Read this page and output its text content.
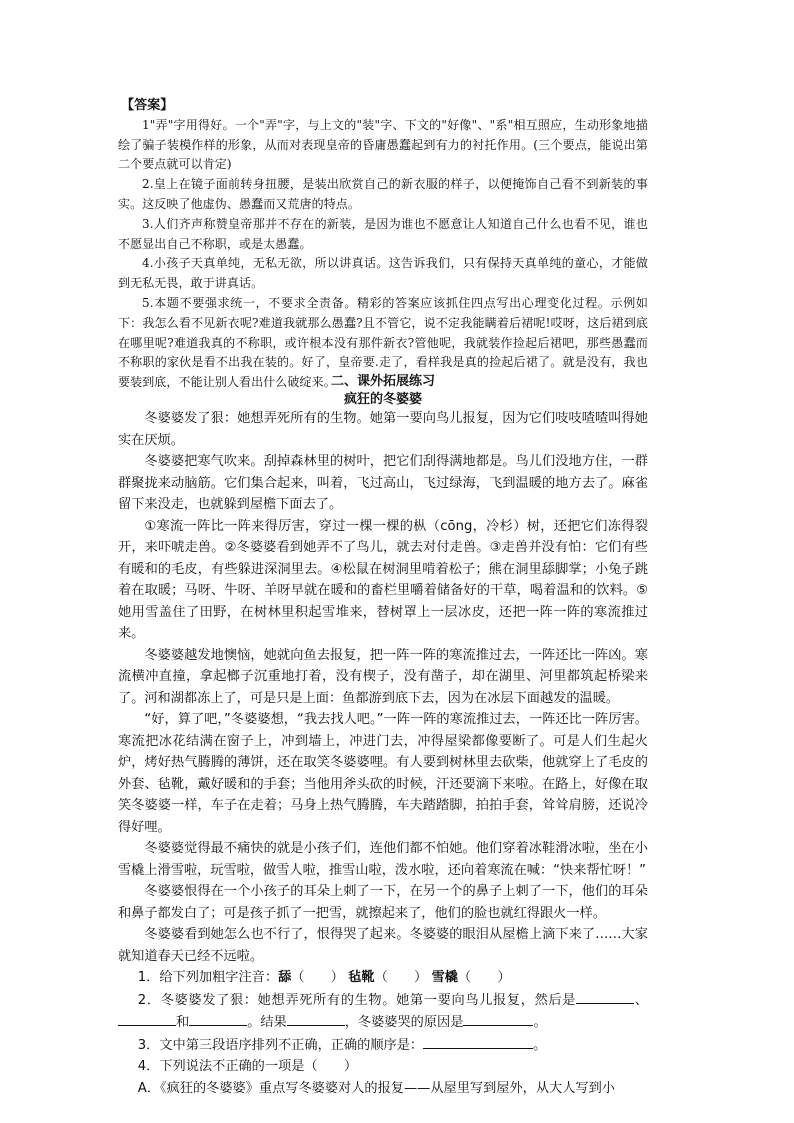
【答案】

1"弄"字用得好。一个"弄"字，与上文的"装"字、下文的"好像"、"系"相互照应，生动形象地描绘了骗子装模作样的形象，从而对表现皇帝的昏庸愚蠢起到有力的衬托作用。(三个要点，能说出第二个要点就可以肯定)

2.皇上在镜子面前转身扭腰，是装出欣赏自己的新衣服的样子，以便掩饰自己看不到新装的事实。这反映了他虚伪、愚蠢而又荒唐的特点。

3.人们齐声称赞皇帝那并不存在的新装，是因为谁也不愿意让人知道自己什么也看不见，谁也不愿显出自己不称职，或是太愚蠢。

4.小孩子天真单纯，无私无欲，所以讲真话。这告诉我们，只有保持天真单纯的童心，才能做到无私无畏，敢于讲真话。

5.本题不要强求统一，不要求全责备。精彩的答案应该抓住四点写出心理变化过程。示例如下：我怎么看不见新衣呢?难道我就那么愚蠢?且不管它，说不定我能瞒着后裙呢!哎呀，这后裙到底在哪里呢?难道我真的不称职，或许根本没有那件新衣?管他呢，我就装作捡起后裙吧，那些愚蠢而不称职的家伙是看不出我在装的。好了，皇帝要.走了，看样我是真的捡起后裙了。就是没有，我也要装到底，不能让别人看出什么破绽来。

二、课外拓展练习
疯狂的冬婆婆

冬婆婆发了狠：她想弄死所有的生物。她第一要向鸟儿报复，因为它们吱吱喳喳叫得她实在厌烦。

冬婆婆把寒气吹来。刮掉森林里的树叶，把它们刮得满地都是。鸟儿们没地方住，一群群聚拢来动脑筋。它们集合起来，叫着，飞过高山，飞过绿海，飞到温暖的地方去了。麻雀留下来没走，也就躲到屋檐下面去了。

①寒流一阵比一阵来得厉害，穿过一棵一棵的枞（cōng，冷杉）树，还把它们冻得裂开，来吓唬走兽。②冬婆婆看到她弄不了鸟儿，就去对付走兽。③走兽并没有怕：它们有些有暖和的毛皮，有些躲进深洞里去。④松鼠在树洞里啃着松子；熊在洞里舔脚掌；小兔子跳着在取暖；马呀、牛呀、羊呀早就在暖和的畜栏里嚼着储备好的干草，喝着温和的饮料。⑤她用雪盖住了田野，在树林里积起雪堆来，替树罩上一层冰皮，还把一阵一阵的寒流推过来。

冬婆婆越发地懊恼，她就向鱼去报复，把一阵一阵的寒流推过去，一阵还比一阵凶。寒流横冲直撞，拿起榔子沉重地打着，没有楔子，没有凿子，却在湖里、河里都筑起桥梁来了。河和湖都冻上了，可是只是上面：鱼都游到底下去，因为在冰层下面越发的温暖。

“好，算了吧，”冬婆婆想，“我去找人吧。”一阵一阵的寒流推过去，一阵还比一阵厉害。寒流把冰花结满在窗子上，冲到墙上，冲进门去，冲得屋梁都像要断了。可是人们生起火炉，烤好热气腾腾的薄饼，还在取笑冬婆婆哩。有人要到树林里去砍柴，他就穿上了毛皮的外套、毡靴，戴好暖和的手套；当他用斧头砍的时候，汗还要滴下来啦。在路上，好像在取笑冬婆婆一样，车子在走着；马身上热气腾腾，车夫踏踏脚，拍拍手套，耸耸肩膀，还说冷得好哩。

冬婆婆觉得最不痛快的就是小孩子们，连他们都不怕她。他们穿着冰鞋滑冰啦，坐在小雪橇上滑雪啦，玩雪啦，做雪人啦，推雪山啦，泼水啦，还向着寒流在喊：“快来帮忙呀！”

冬婆婆恨得在一个小孩子的耳朵上刺了一下，在另一个的鼻子上刺了一下，他们的耳朵和鼻子都发白了；可是孩子抓了一把雪，就擦起来了，他们的脸也就红得跟火一样。

冬婆婆看到她怎么也不行了，恨得哭了起来。冬婆婆的眼泪从屋檐上滴下来了……大家就知道春天已经不远啦。

1．给下列加粗字注音：舔（　　） 毡靴（　　） 雪橇（　　）

2．冬婆婆发了狠：她想弄死所有的生物。她第一要向鸟儿报复，然后是	、和	。结果	，冬婆婆哭的原因是	。

3．文中第三段语序排列不正确，正确的顺序是：	。

4．下列说法不正确的一项是（　　）

A．《疯狂的冬婆婆》重点写冬婆婆对人的报复——从屋里写到屋外，从大人写到小
